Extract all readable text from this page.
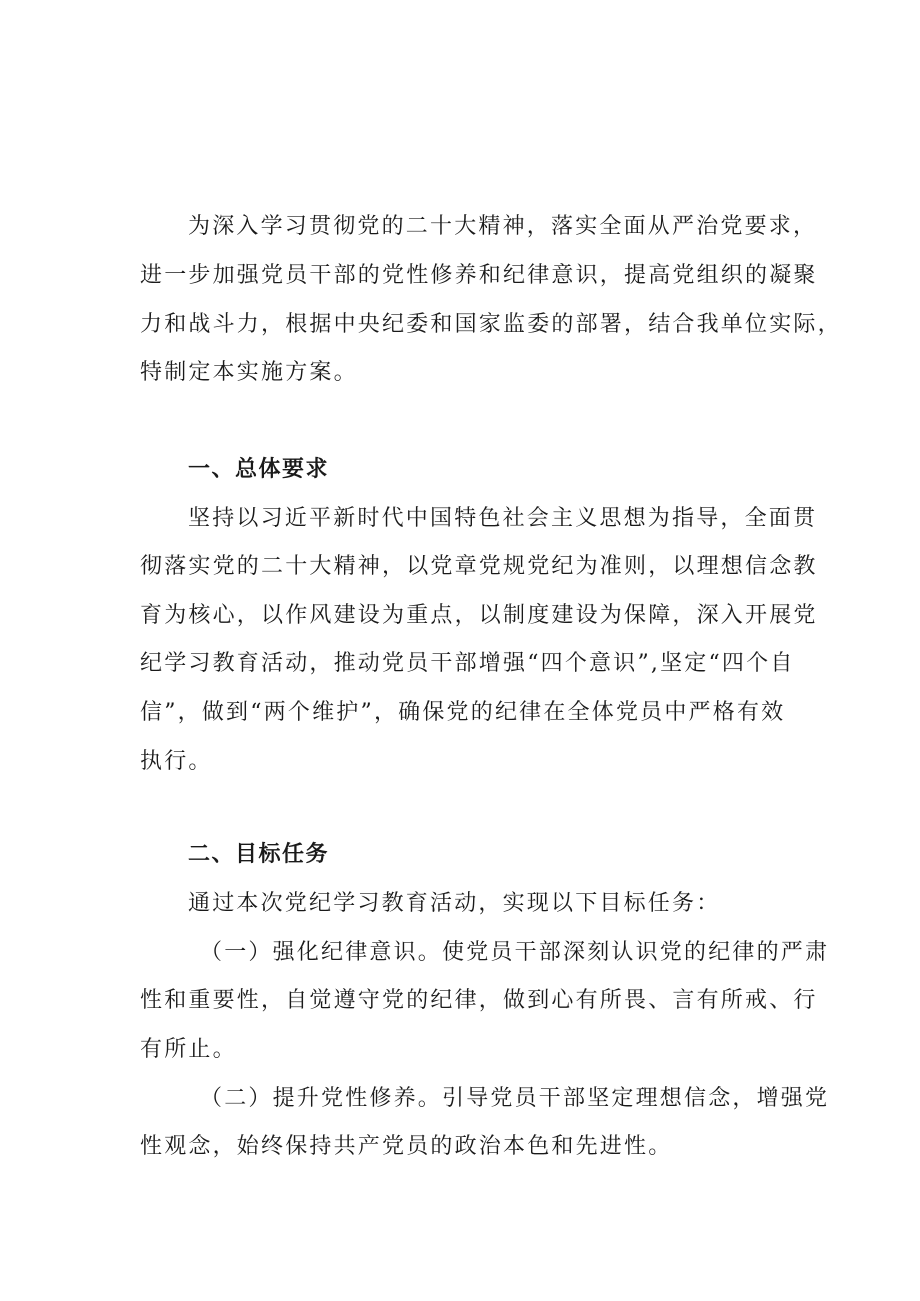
为深入学习贯彻党的二十大精神，落实全面从严治党要求，
进一步加强党员干部的党性修养和纪律意识，提高党组织的凝聚
力和战斗力，根据中央纪委和国家监委的部署，结合我单位实际，
特制定本实施方案。
一、总体要求
坚持以习近平新时代中国特色社会主义思想为指导，全面贯
彻落实党的二十大精神，以党章党规党纪为准则，以理想信念教
育为核心，以作风建设为重点，以制度建设为保障，深入开展党
纪学习教育活动，推动党员干部增强“四个意识”,坚定“四个自
信”，做到“两个维护”，确保党的纪律在全体党员中严格有效
执行。
二、目标任务
通过本次党纪学习教育活动，实现以下目标任务：
（一）强化纪律意识。使党员干部深刻认识党的纪律的严肃
性和重要性，自觉遵守党的纪律，做到心有所畏、言有所戒、行
有所止。
（二）提升党性修养。引导党员干部坚定理想信念，增强党
性观念，始终保持共产党员的政治本色和先进性。
